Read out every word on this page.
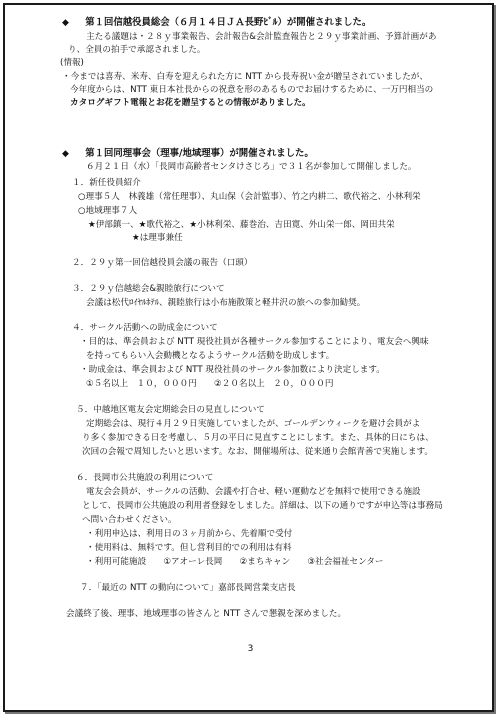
◆ 第１回信越役員総会（６月１４日ＪＡ長野ﾋﾞﾙ）が開催されました。
主たる議題は・２８ｙ事業報告、会計報告&会計監査報告と２９ｙ事業計画、予算計画があ
り、全員の拍手で承認されました。
(情報)
・今までは喜寿、米寿、白寿を迎えられた方に NTT から長寿祝い金が贈呈されていましたが、
今年度からは、NTT 東日本社長からの祝意を形のあるものでお届けするために、一万円相当の
カタログギフト電報とお花を贈呈するとの情報がありました。
◆ 第１回同理事会（理事/地域理事）が開催されました。
６月２１日（水）「長岡市高齢者センタけさじろ」で３１名が参加して開催しました。
１．新任役員紹介
○理事５人　林義雄（常任理事）、丸山保（会計監事）、竹之内耕二、歌代裕之、小林利栄
○地域理事７人
★伊部鎮一、★歌代裕之、★小林利栄、藤巻治、吉田寛、外山栄一郎、岡田共栄
★は理事兼任
２．２９ｙ第一回信越役員会議の報告（口頭）
３．２９ｙ信越総会&親睦旅行について
会議は松代ﾛｲﾔﾙﾎﾃﾙ、親睦旅行は小布施散策と軽井沢の旅への参加勧奨。
４．サークル活動への助成金について
・目的は、準会員および NTT 現役社員が各種サークル参加することにより、電友会へ興味
を持ってもらい入会動機となるようサークル活動を助成します。
・助成金は、準会員および NTT 現役社員のサークル参加数により決定します。
①５名以上　１０，０００円　　②２０名以上　２０，０００円
５．中越地区電友会定期総会日の見直しについて
定期総会は、現行４月２９日実施していましたが、ゴールデンウィークを避け会員がよ
り多く参加できる日を考慮し、５月の平日に見直すことにします。また、具体的日にちは、
次回の会報で周知したいと思います。なお、開催場所は、従来通り会館青善で実施します。
６．長岡市公共施設の利用について
電友会会員が、サークルの活動、会議や打合せ、軽い運動などを無料で使用できる施設
として、長岡市公共施設の利用者登録をしました。詳細は、以下の通りですが申込等は事務局
へ問い合わせください。
・利用申込は、利用日の３ヶ月前から、先着順で受付
・使用料は、無料です。但し営利目的での利用は有料
・利用可能施設　　①アオーレ長岡　　②まちキャン　　③社会福祉センター
７．「最近の NTT の動向について」嘉部長岡営業支店長
会議終了後、理事、地域理事の皆さんと NTT さんで懇親を深めました。
3
